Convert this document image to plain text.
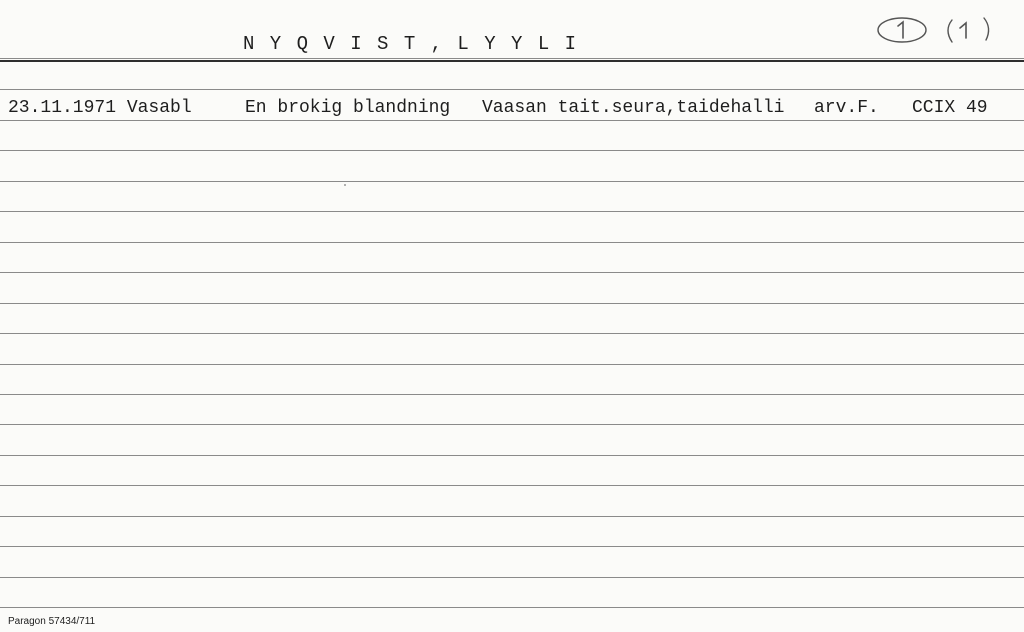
N Y Q V I S T , L Y Y L I
23.11.1971 Vasabl	En brokig blandning Vaasan tait.seura,taidehalli arv.F. CCIX 49
Paragon 57434/711
